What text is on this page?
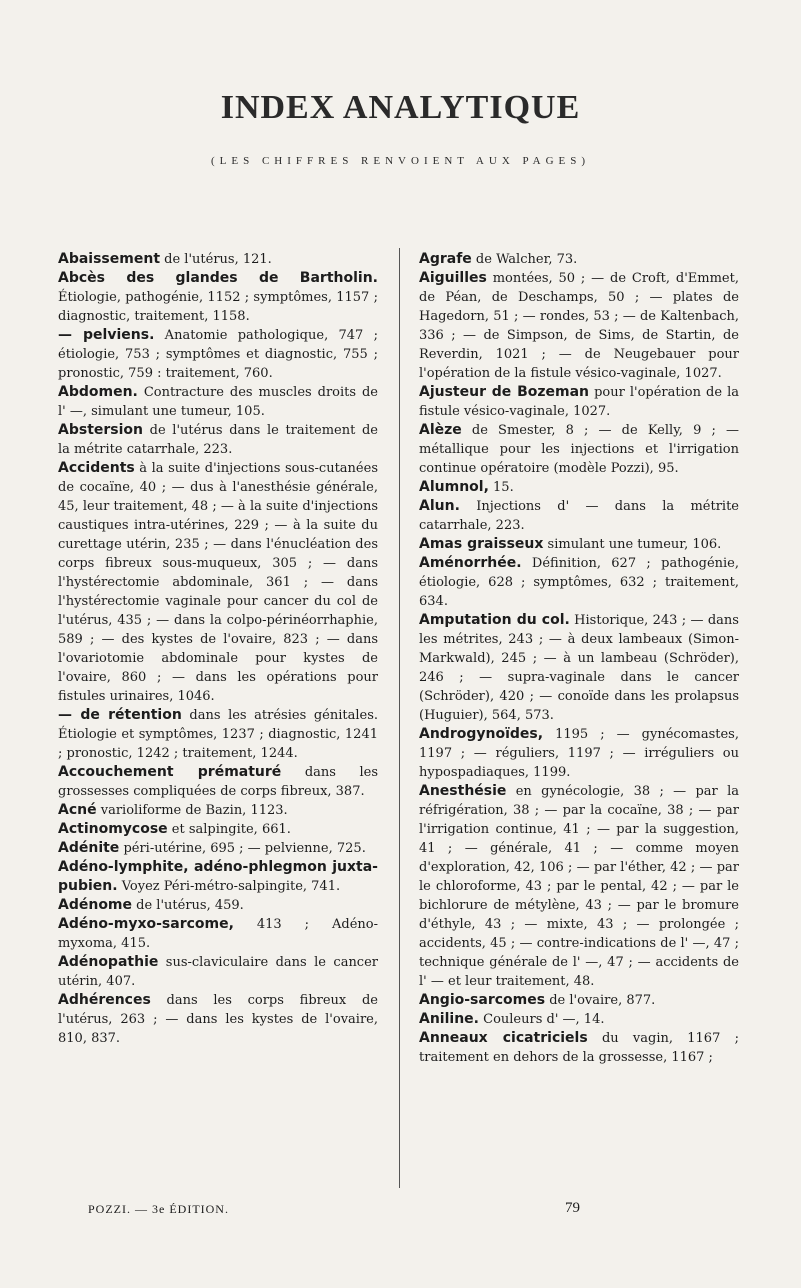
INDEX ANALYTIQUE
(LES CHIFFRES RENVOIENT AUX PAGES)

Abaissement de l'utérus, 121.

Abcès des glandes de Bartholin. Étiologie, pathogénie, 1152 ; symptômes, 1157 ; diagnostic, traitement, 1158.

— pelviens. Anatomie pathologique, 747 ; étiologie, 753 ; symptômes et diagnostic, 755 ; pronostic, 759 : traitement, 760.

Abdomen. Contracture des muscles droits de l' —, simulant une tumeur, 105.

Abstersion de l'utérus dans le traitement de la métrite catarrhale, 223.

Accidents à la suite d'injections sous-cutanées de cocaïne, 40 ; — dus à l'anesthésie générale, 45, leur traitement, 48 ; — à la suite d'injections caustiques intra-utérines, 229 ; — à la suite du curettage utérin, 235 ; — dans l'énucléation des corps fibreux sous-muqueux, 305 ; — dans l'hystérectomie abdominale, 361 ; — dans l'hystérectomie vaginale pour cancer du col de l'utérus, 435 ; — dans la colpo-périnéorrhaphie, 589 ; — des kystes de l'ovaire, 823 ; — dans l'ovariotomie abdominale pour kystes de l'ovaire, 860 ; — dans les opérations pour fistules urinaires, 1046.

— de rétention dans les atrésies génitales. Étiologie et symptômes, 1237 ; diagnostic, 1241 ; pronostic, 1242 ; traitement, 1244.

Accouchement prématuré dans les grossesses compliquées de corps fibreux, 387.

Acné varioliforme de Bazin, 1123.

Actinomycose et salpingite, 661.

Adénite péri-utérine, 695 ; — pelvienne, 725.

Adéno-lymphite, adéno-phlegmon juxta-pubien. Voyez Péri-métro-salpingite, 741.

Adénome de l'utérus, 459.

Adéno-myxo-sarcome, 413 ; Adéno-myxoma, 415.

Adénopathie sus-claviculaire dans le cancer utérin, 407.

Adhérences dans les corps fibreux de l'utérus, 263 ; — dans les kystes de l'ovaire, 810, 837.

Agrafe de Walcher, 73.

Aiguilles montées, 50 ; — de Croft, d'Emmet, de Péan, de Deschamps, 50 ; — plates de Hagedorn, 51 ; — rondes, 53 ; — de Kaltenbach, 336 ; — de Simpson, de Sims, de Startin, de Reverdin, 1021 ; — de Neugebauer pour l'opération de la fistule vésico-vaginale, 1027.

Ajusteur de Bozeman pour l'opération de la fistule vésico-vaginale, 1027.

Alèze de Smester, 8 ; — de Kelly, 9 ; — métallique pour les injections et l'irrigation continue opératoire (modèle Pozzi), 95.

Alumnol, 15.

Alun. Injections d' — dans la métrite catarrhale, 223.

Amas graisseux simulant une tumeur, 106.

Aménorrhée. Définition, 627 ; pathogénie, étiologie, 628 ; symptômes, 632 ; traitement, 634.

Amputation du col. Historique, 243 ; — dans les métrites, 243 ; — à deux lambeaux (Simon-Markwald), 245 ; — à un lambeau (Schröder), 246 ; — supra-vaginale dans le cancer (Schröder), 420 ; — conoïde dans les prolapsus (Huguier), 564, 573.

Androgynoïdes, 1195 ; — gynécomastes, 1197 ; — réguliers, 1197 ; — irréguliers ou hypospadiaques, 1199.

Anesthésie en gynécologie, 38 ; — par la réfrigération, 38 ; — par la cocaïne, 38 ; — par l'irrigation continue, 41 ; — par la suggestion, 41 ; — générale, 41 ; — comme moyen d'exploration, 42, 106 ; — par l'éther, 42 ; — par le chloroforme, 43 ; par le pental, 42 ; — par le bichlorure de métylène, 43 ; — par le bromure d'éthyle, 43 ; — mixte, 43 ; — prolongée ; accidents, 45 ; — contre-indications de l' —, 47 ; technique générale de l' —, 47 ; — accidents de l' — et leur traitement, 48.

Angio-sarcomes de l'ovaire, 877.

Aniline. Couleurs d' —, 14.

Anneaux cicatriciels du vagin, 1167 ; traitement en dehors de la grossesse, 1167 ;

POZZI. — 3e ÉDITION.	79
